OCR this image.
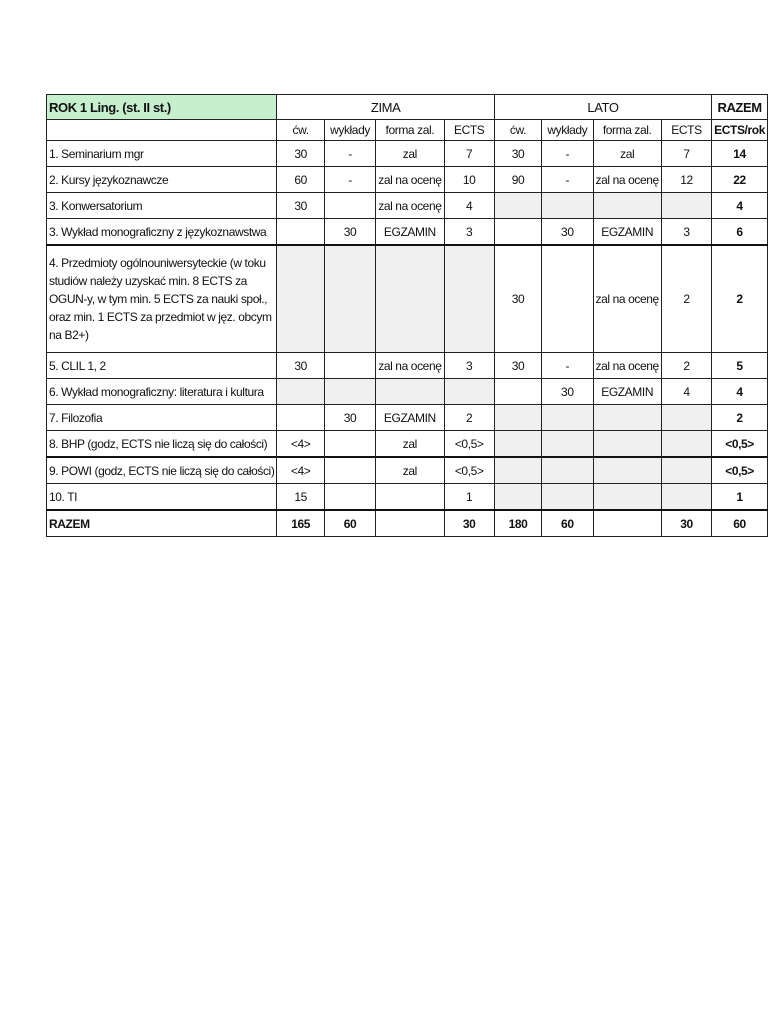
ROK 1 Ling. (st. II st.)	ZIMA				LATO				RAZEM
	ćw.	wykłady	forma zal.	ECTS	ćw.	wykłady	forma zal.	ECTS	ECTS/rok
1. Seminarium mgr	30	-	zal	7	30	-	zal	7	14
2. Kursy językoznawcze	60	-	zal na ocenę	10	90	-	zal na ocenę	12	22
3. Konwersatorium	30		zal na ocenę	4					4
3. Wykład monograficzny z językoznawstwa		30	EGZAMIN	3		30	EGZAMIN	3	6
4. Przedmioty ogólnouniwersyteckie (w toku studiów należy uzyskać min. 8 ECTS za OGUN-y, w tym min. 5 ECTS za nauki społ., oraz min. 1 ECTS za przedmiot w jęz. obcym na B2+)					30		zal na ocenę	2	2
5. CLIL 1, 2	30		zal na ocenę	3	30	-	zal na ocenę	2	5
6. Wykład monograficzny: literatura i kultura						30	EGZAMIN	4	4
7. Filozofia		30	EGZAMIN	2					2
8. BHP (godz, ECTS nie liczą się do całości)	<4>		zal	<0,5>					<0,5>
9. POWI (godz, ECTS nie liczą się do całości)	<4>		zal	<0,5>					<0,5>
10. TI	15			1					1
RAZEM	165	60		30	180	60		30	60
